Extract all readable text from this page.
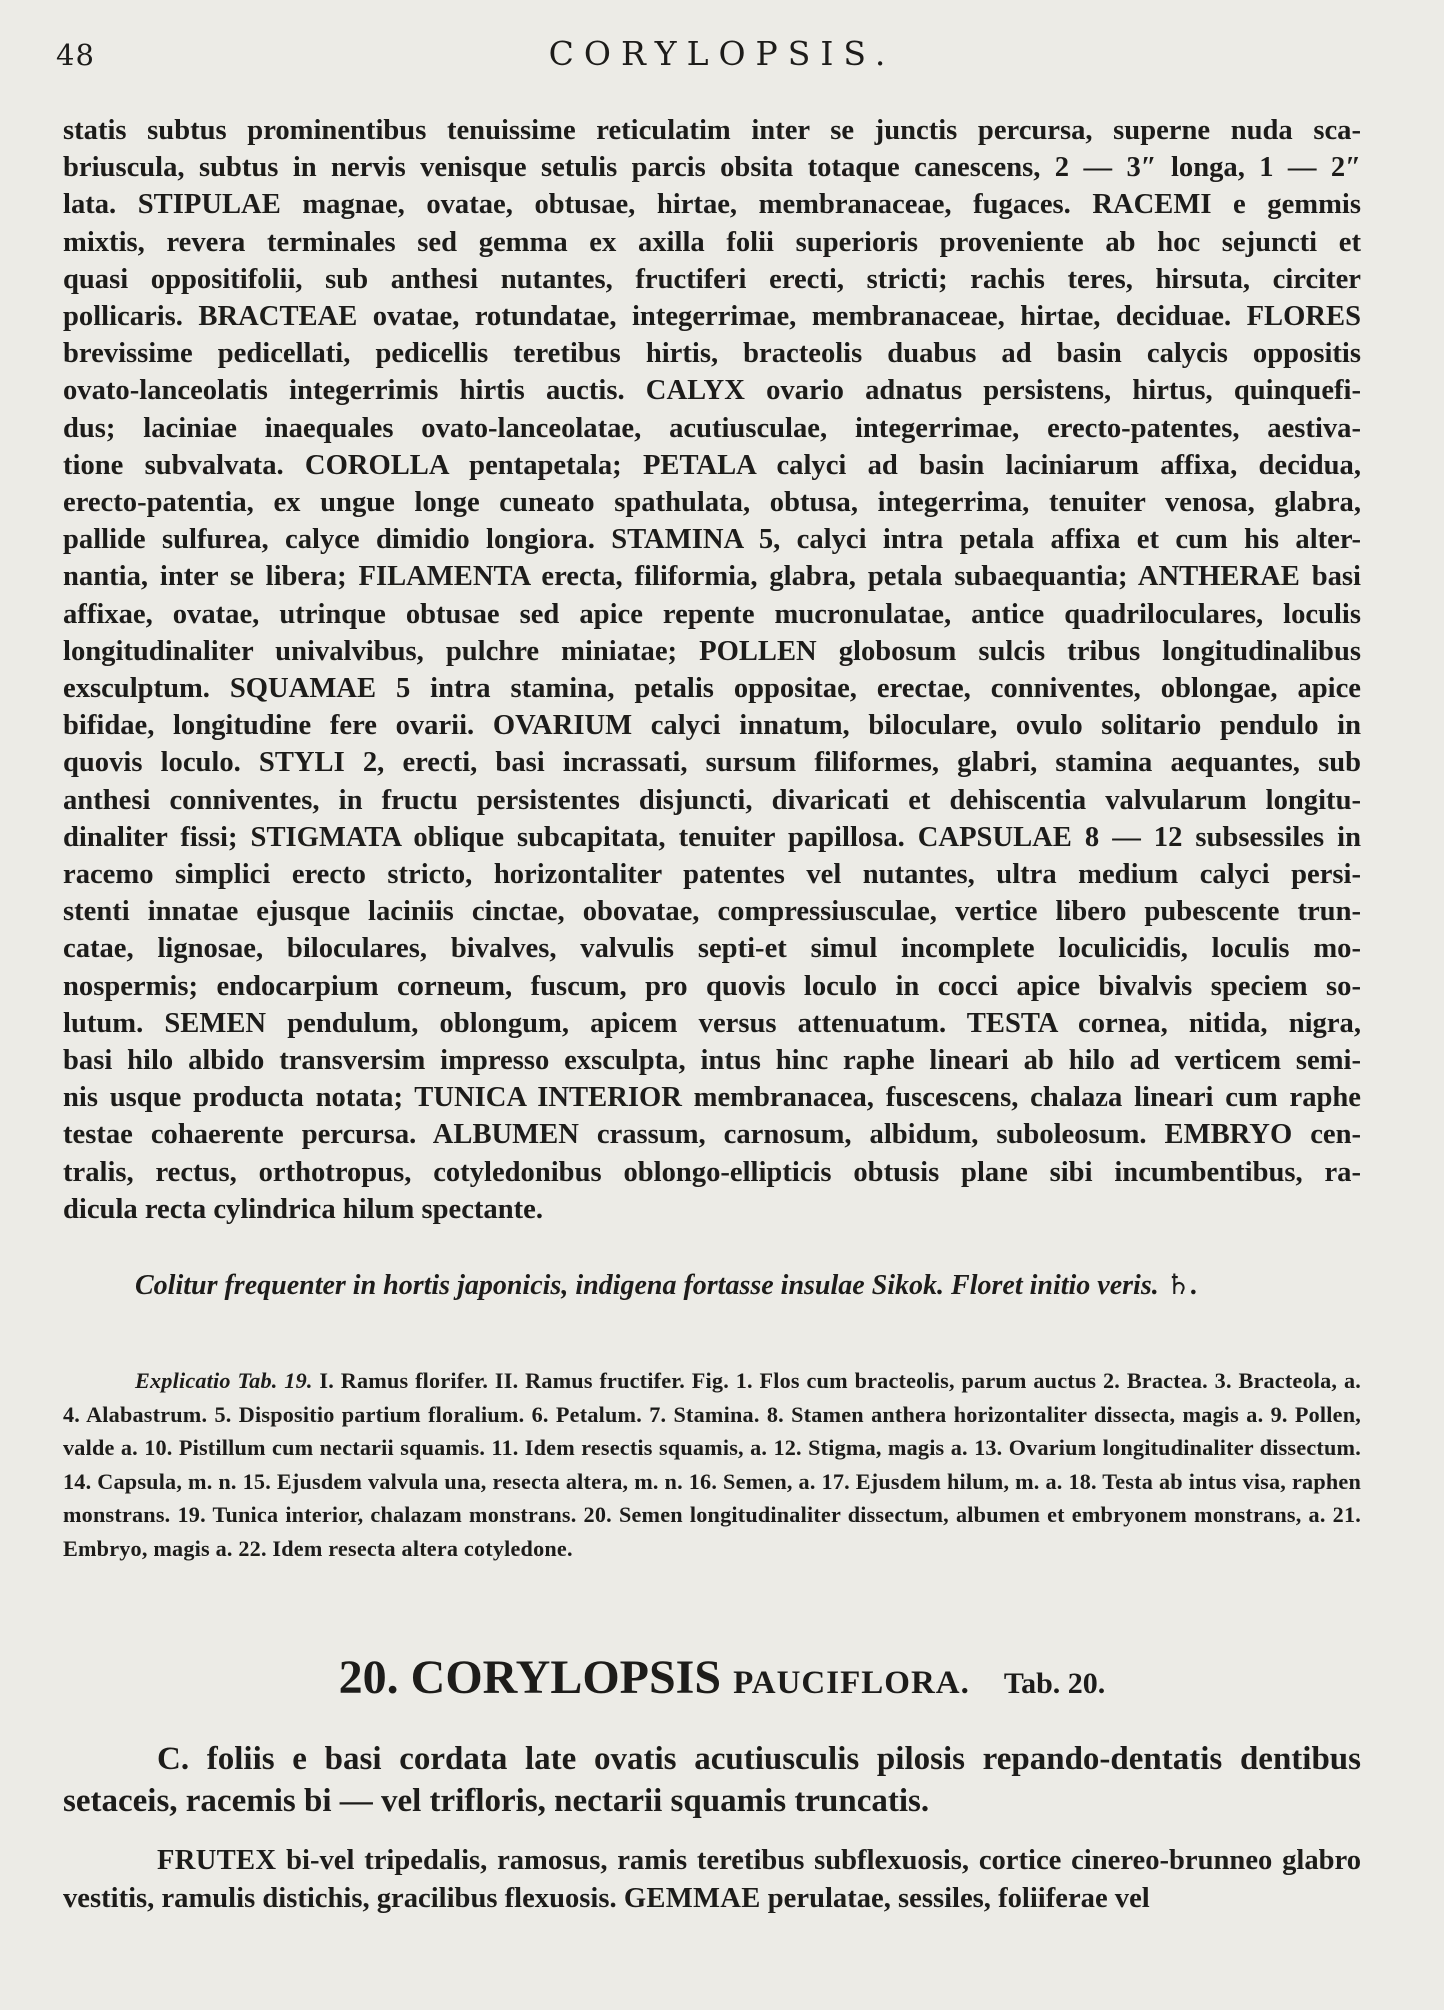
48	CORYLOPSIS.
statis subtus prominentibus tenuissime reticulatim inter se junctis percursa, superne nuda sca-
briuscula, subtus in nervis venisque setulis parcis obsita totaque canescens, 2 — 3″ longa, 1 — 2″
lata. STIPULAE magnae, ovatae, obtusae, hirtae, membranaceae, fugaces. RACEMI e gemmis
mixtis, revera terminales sed gemma ex axilla folii superioris proveniente ab hoc sejuncti et
quasi oppositifolii, sub anthesi nutantes, fructiferi erecti, stricti; rachis teres, hirsuta, circiter
pollicaris. BRACTEAE ovatae, rotundatae, integerrimae, membranaceae, hirtae, deciduae. FLORES
brevissime pedicellati, pedicellis teretibus hirtis, bracteolis duabus ad basin calycis oppositis
ovato-lanceolatis integerrimis hirtis auctis. CALYX ovario adnatus persistens, hirtus, quinquefi-
dus; laciniae inaequales ovato-lanceolatae, acutiusculae, integerrimae, erecto-patentes, aestiva-
tione subvalvata. COROLLA pentapetala; PETALA calyci ad basin laciniarum affixa, decidua,
erecto-patentia, ex ungue longe cuneato spathulata, obtusa, integerrima, tenuiter venosa, glabra,
pallide sulfurea, calyce dimidio longiora. STAMINA 5, calyci intra petala affixa et cum his alter-
nantia, inter se libera; FILAMENTA erecta, filiformia, glabra, petala subaequantia; ANTHERAE basi
affixae, ovatae, utrinque obtusae sed apice repente mucronulatae, antice quadriloculares, loculis
longitudinaliter univalvibus, pulchre miniatae; POLLEN globosum sulcis tribus longitudinalibus
exsculptum. SQUAMAE 5 intra stamina, petalis oppositae, erectae, conniventes, oblongae, apice
bifidae, longitudine fere ovarii. OVARIUM calyci innatum, biloculare, ovulo solitario pendulo in
quovis loculo. STYLI 2, erecti, basi incrassati, sursum filiformes, glabri, stamina aequantes, sub
anthesi conniventes, in fructu persistentes disjuncti, divaricati et dehiscentia valvularum longitu-
dinaliter fissi; STIGMATA oblique subcapitata, tenuiter papillosa. CAPSULAE 8 — 12 subsessiles in
racemo simplici erecto stricto, horizontaliter patentes vel nutantes, ultra medium calyci persi-
stenti innatae ejusque laciniis cinctae, obovatae, compressiusculae, vertice libero pubescente trun-
catae, lignosae, biloculares, bivalves, valvulis septi-et simul incomplete loculicidis, loculis mo-
nospermis; endocarpium corneum, fuscum, pro quovis loculo in cocci apice bivalvis speciem so-
lutum. SEMEN pendulum, oblongum, apicem versus attenuatum. TESTA cornea, nitida, nigra,
basi hilo albido transversim impresso exsculpta, intus hinc raphe lineari ab hilo ad verticem semi-
nis usque producta notata; TUNICA INTERIOR membranacea, fuscescens, chalaza lineari cum raphe
testae cohaerente percursa. ALBUMEN crassum, carnosum, albidum, suboleosum. EMBRYO cen-
tralis, rectus, orthotropus, cotyledonibus oblongo-ellipticis obtusis plane sibi incumbentibus, ra-
dicula recta cylindrica hilum spectante.
Colitur frequenter in hortis japonicis, indigena fortasse insulae Sikok. Floret initio veris. ♄.
Explicatio Tab. 19. I. Ramus florifer. II. Ramus fructifer. Fig. 1. Flos cum bracteolis, parum auctus 2. Bractea. 3. Bracteola, a. 4. Alabastrum. 5. Dispositio partium floralium. 6. Petalum. 7. Stamina. 8. Stamen anthera horizontaliter dissecta, magis a. 9. Pollen, valde a. 10. Pistillum cum nectarii squamis. 11. Idem resectis squamis, a. 12. Stigma, magis a. 13. Ovarium longitudinaliter dissectum. 14. Capsula, m. n. 15. Ejusdem valvula una, resecta altera, m. n. 16. Semen, a. 17. Ejusdem hilum, m. a. 18. Testa ab intus visa, raphen monstrans. 19. Tunica interior, chalazam monstrans. 20. Semen longitudinaliter dissectum, albumen et embryonem monstrans, a. 21. Embryo, magis a. 22. Idem resecta altera cotyledone.
20. CORYLOPSIS PAUCIFLORA. Tab. 20.
C. foliis e basi cordata late ovatis acutiusculis pilosis repando-dentatis dentibus setaceis, racemis bi — vel trifloris, nectarii squamis truncatis.
FRUTEX bi-vel tripedalis, ramosus, ramis teretibus subflexuosis, cortice cinereo-brunneo glabro vestitis, ramulis distichis, gracilibus flexuosis. GEMMAE perulatae, sessiles, foliiferae vel
